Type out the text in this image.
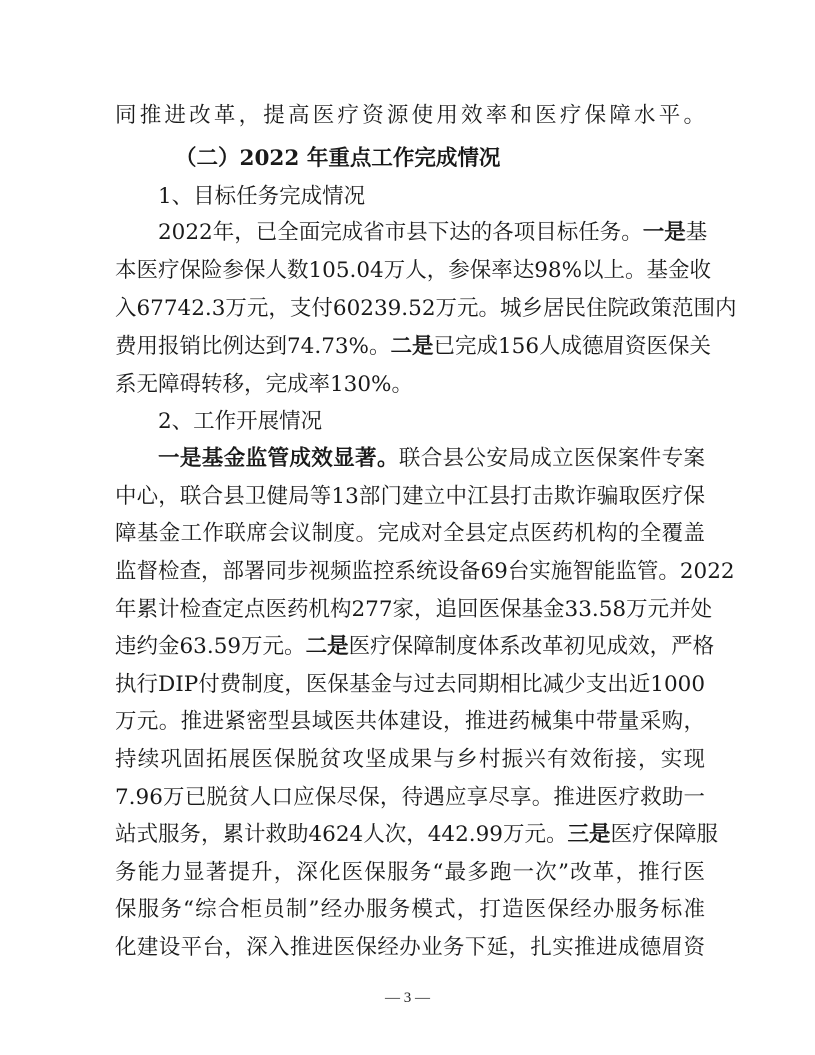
同推进改革，提高医疗资源使用效率和医疗保障水平。
（二）2022 年重点工作完成情况
1、目标任务完成情况
2022年，已全面完成省市县下达的各项目标任务。一是基
本医疗保险参保人数105.04万人，参保率达98%以上。基金收
入67742.3万元，支付60239.52万元。城乡居民住院政策范围内
费用报销比例达到74.73%。二是已完成156人成德眉资医保关
系无障碍转移，完成率130%。
2、工作开展情况
一是基金监管成效显著。联合县公安局成立医保案件专案
中心，联合县卫健局等13部门建立中江县打击欺诈骗取医疗保
障基金工作联席会议制度。完成对全县定点医药机构的全覆盖
监督检查，部署同步视频监控系统设备69台实施智能监管。2022
年累计检查定点医药机构277家，追回医保基金33.58万元并处
违约金63.59万元。二是医疗保障制度体系改革初见成效，严格
执行DIP付费制度，医保基金与过去同期相比减少支出近1000
万元。推进紧密型县域医共体建设，推进药械集中带量采购，
持续巩固拓展医保脱贫攻坚成果与乡村振兴有效衔接，实现
7.96万已脱贫人口应保尽保，待遇应享尽享。推进医疗救助一
站式服务，累计救助4624人次，442.99万元。三是医疗保障服
务能力显著提升，深化医保服务“最多跑一次”改革，推行医
保服务“综合柜员制”经办服务模式，打造医保经办服务标准
化建设平台，深入推进医保经办业务下延，扎实推进成德眉资
— 3 —
